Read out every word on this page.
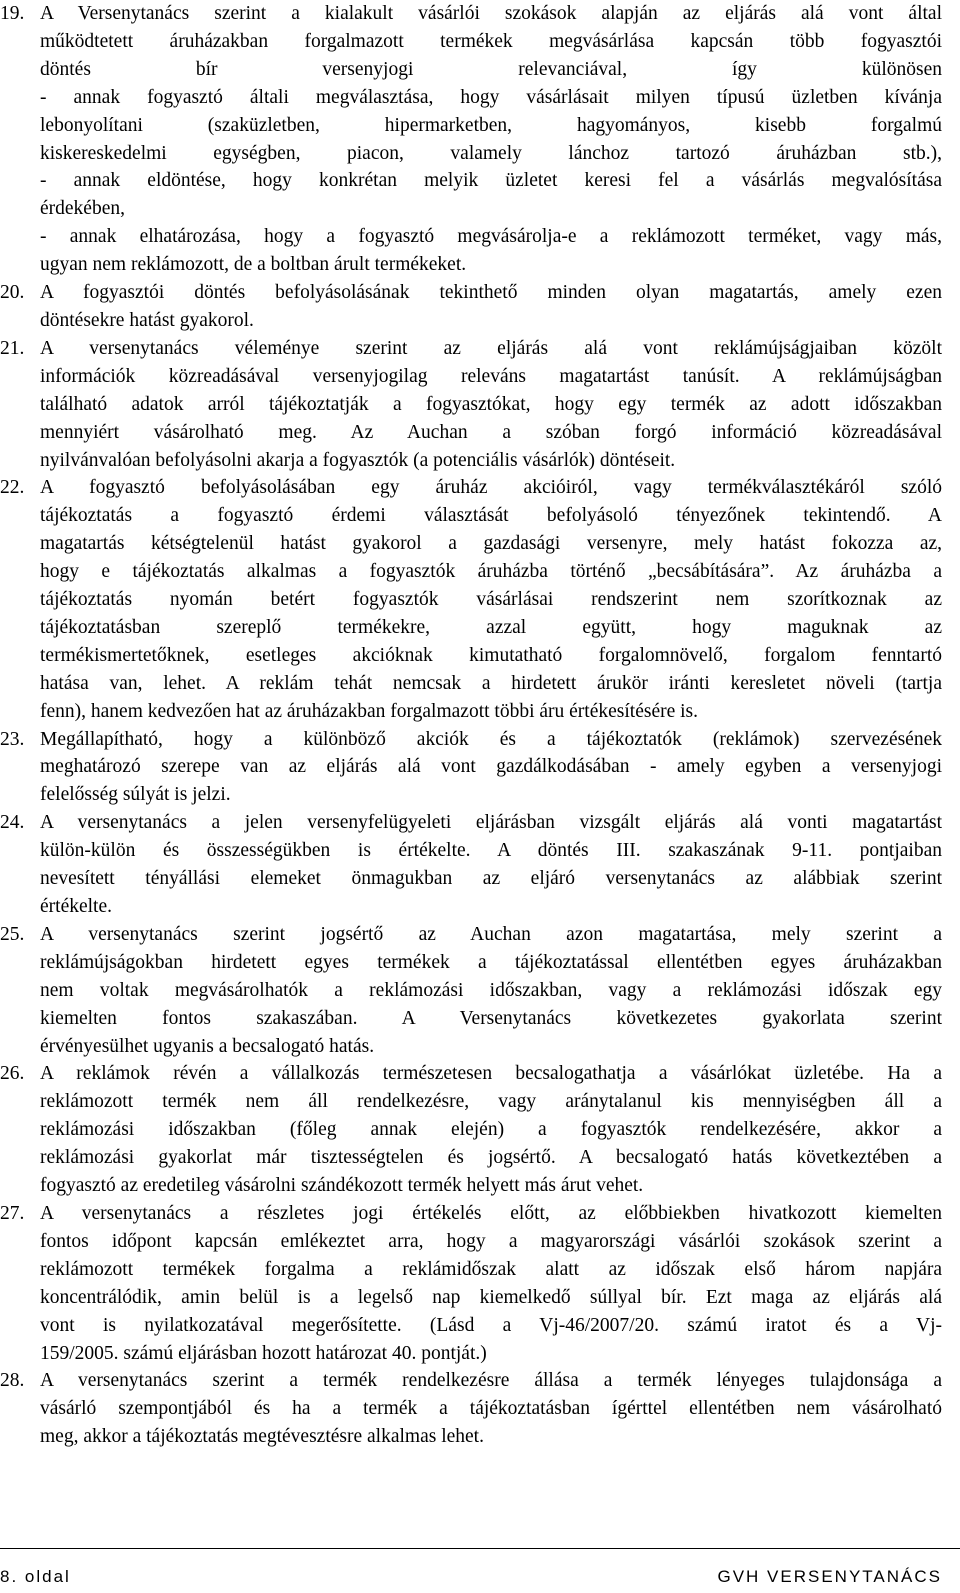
19. A Versenytanács szerint a kialakult vásárlói szokások alapján az eljárás alá vont által
működtetett áruházakban forgalmazott termékek megvásárlása kapcsán több fogyasztói
döntés bír versenyjogi relevanciával, így különösen
- annak fogyasztó általi megválasztása, hogy vásárlásait milyen típusú üzletben kívánja
lebonyolítani (szaküzletben, hipermarketben, hagyományos, kisebb forgalmú
kiskereskedelmi egységben, piacon, valamely lánchoz tartozó áruházban stb.),
- annak eldöntése, hogy konkrétan melyik üzletet keresi fel a vásárlás megvalósítása
érdekében,
- annak elhatározása, hogy a fogyasztó megvásárolja-e a reklámozott terméket, vagy más,
ugyan nem reklámozott, de a boltban árult termékeket.
20. A fogyasztói döntés befolyásolásának tekinthető minden olyan magatartás, amely ezen
döntésekre hatást gyakorol.
21. A versenytanács véleménye szerint az eljárás alá vont reklámújságjaiban közölt
információk közreadásával versenyjogilag releváns magatartást tanúsít. A reklámújságban
található adatok arról tájékoztatják a fogyasztókat, hogy egy termék az adott időszakban
mennyiért vásárolható meg. Az Auchan a szóban forgó információ közreadásával
nyilvánvalóan befolyásolni akarja a fogyasztók (a potenciális vásárlók) döntéseit.
22. A fogyasztó befolyásolásában egy áruház akcióiról, vagy termékválasztékáról szóló
tájékoztatás a fogyasztó érdemi választását befolyásoló tényezőnek tekintendő. A
magatartás kétségtelenül hatást gyakorol a gazdasági versenyre, mely hatást fokozza az,
hogy e tájékoztatás alkalmas a fogyasztók áruházba történő „becsábítására”. Az áruházba a
tájékoztatás nyomán betért fogyasztók vásárlásai rendszerint nem szorítkoznak az
tájékoztatásban szereplő termékekre, azzal együtt, hogy maguknak az
termékismertetőknek, esetleges akcióknak kimutatható forgalomnövelő, forgalom fenntartó
hatása van, lehet. A reklám tehát nemcsak a hirdetett árukör iránti keresletet növeli (tartja
fenn), hanem kedvezően hat az áruházakban forgalmazott többi áru értékesítésére is.
23. Megállapítható, hogy a különböző akciók és a tájékoztatók (reklámok) szervezésének
meghatározó szerepe van az eljárás alá vont gazdálkodásában - amely egyben a versenyjogi
felelősség súlyát is jelzi.
24. A versenytanács a jelen versenyfelügyeleti eljárásban vizsgált eljárás alá vonti magatartást
külön-külön és összességükben is értékelte. A döntés III. szakaszának 9-11. pontjaiban
nevesített tényállási elemeket önmagukban az eljáró versenytanács az alábbiak szerint
értékelte.
25. A versenytanács szerint jogsértő az Auchan azon magatartása, mely szerint a
reklámújságokban hirdetett egyes termékek a tájékoztatással ellentétben egyes áruházakban
nem voltak megvásárolhatók a reklámozási időszakban, vagy a reklámozási időszak egy
kiemelten fontos szakaszában. A Versenytanács következetes gyakorlata szerint
érvényesülhet ugyanis a becsalogató hatás.
26. A reklámok révén a vállalkozás természetesen becsalogathatja a vásárlókat üzletébe. Ha a
reklámozott termék nem áll rendelkezésre, vagy aránytalanul kis mennyiségben áll a
reklámozási időszakban (főleg annak elején) a fogyasztók rendelkezésére, akkor a
reklámozási gyakorlat már tisztességtelen és jogsértő. A becsalogató hatás következtében a
fogyasztó az eredetileg vásárolni szándékozott termék helyett más árut vehet.
27. A versenytanács a részletes jogi értékelés előtt, az előbbiekben hivatkozott kiemelten
fontos időpont kapcsán emlékeztet arra, hogy a magyarországi vásárlói szokások szerint a
reklámozott termékek forgalma a reklámidőszak alatt az időszak első három napjára
koncentrálódik, amin belül is a legelső nap kiemelkedő súllyal bír. Ezt maga az eljárás alá
vont is nyilatkozatával megerősítette. (Lásd a Vj-46/2007/20. számú iratot és a Vj-
159/2005. számú eljárásban hozott határozat 40. pontját.)
28. A versenytanács szerint a termék rendelkezésre állása a termék lényeges tulajdonsága a
vásárló szempontjából és ha a termék a tájékoztatásban ígérttel ellentétben nem vásárolható
meg, akkor a tájékoztatás megtévesztésre alkalmas lehet.
8. oldal	GVH VERSENYTANÁCS
